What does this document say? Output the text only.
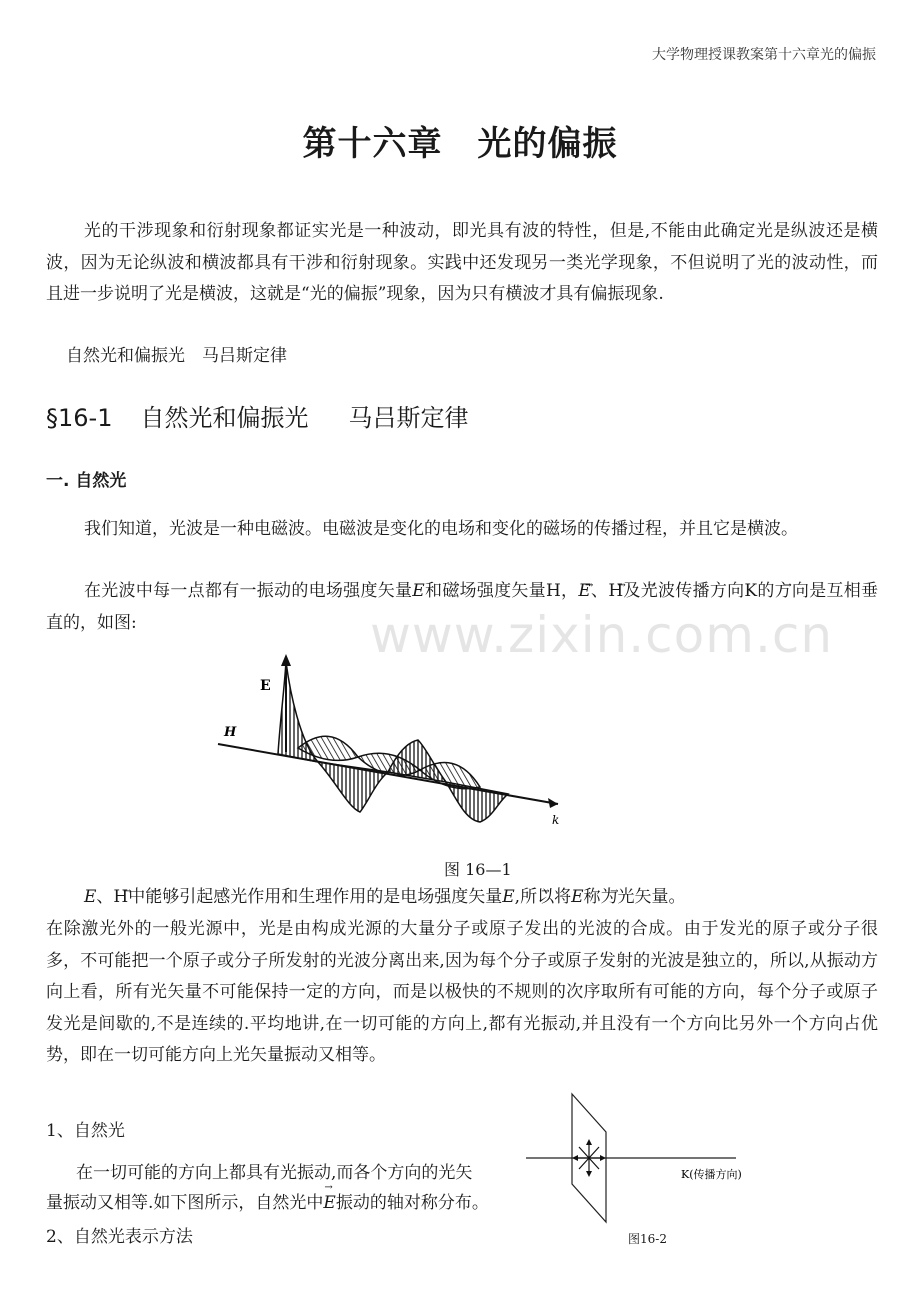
大学物理授课教案第十六章光的偏振
第十六章　光的偏振
光的干涉现象和衍射现象都证实光是一种波动，即光具有波的特性，但是,不能由此确定光是纵波还是横波，因为无论纵波和横波都具有干涉和衍射现象。实践中还发现另一类光学现象，不但说明了光的波动性，而且进一步说明了光是横波，这就是“光的偏振”现象，因为只有横波才具有偏振现象.
自然光和偏振光　马吕斯定律
§16-1 自然光和偏振光 马吕斯定律
一. 自然光
我们知道，光波是一种电磁波。电磁波是变化的电场和变化的磁场的传播过程，并且它是横波。
在光波中每一点都有一振动的电场强度矢量→ E和磁场强度矢量→ H，→ E、→ H及光波传播方向→ K的方向是互相垂直的，如图:	www.zixin.com.cn
E
H
k
图 16—1
→ E、→ H中能够引起感光作用和生理作用的是电场强度矢量→ E,所以将→ E称为光矢量。
在除激光外的一般光源中，光是由构成光源的大量分子或原子发出的光波的合成。由于发光的原子或分子很多，不可能把一个原子或分子所发射的光波分离出来,因为每个分子或原子发射的光波是独立的，所以,从振动方向上看，所有光矢量不可能保持一定的方向，而是以极快的不规则的次序取所有可能的方向，每个分子或原子发光是间歇的,不是连续的.平均地讲,在一切可能的方向上,都有光振动,并且没有一个方向比另外一个方向占优势，即在一切可能方向上光矢量振动又相等。
1、自然光
在一切可能的方向上都具有光振动,而各个方向的光矢
量振动又相等.如下图所示，自然光中→ E振动的轴对称分布。
2、自然光表示方法
K(传播方向)
图16-2
